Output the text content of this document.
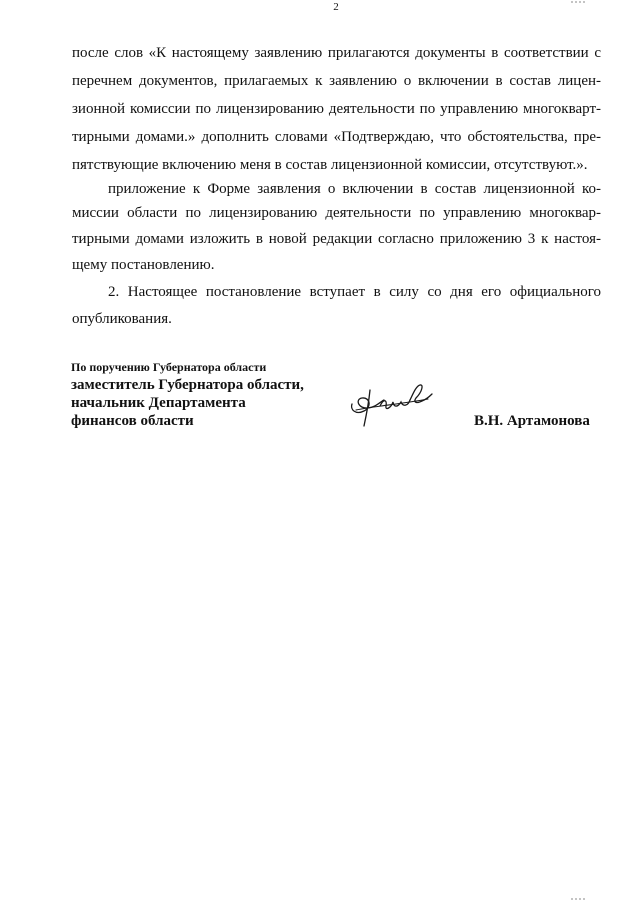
2
после слов «К настоящему заявлению прилагаются документы в соответствии с
перечнем документов, прилагаемых к заявлению о включении в состав лицен-
зионной комиссии по лицензированию деятельности по управлению многокварт-
тирными домами.» дополнить словами «Подтверждаю, что обстоятельства, пре-
пятствующие включению меня в состав лицензионной комиссии, отсутствуют.».
приложение к Форме заявления о включении в состав лицензионной ко-
миссии области по лицензированию деятельности по управлению многоквар-
тирными домами изложить в новой редакции согласно приложению 3 к настоя-
щему постановлению.
2. Настоящее постановление вступает в силу со дня его официального
опубликования.
По поручению Губернатора области
заместитель Губернатора области,
начальник Департамента
финансов области	В.Н. Артамонова
